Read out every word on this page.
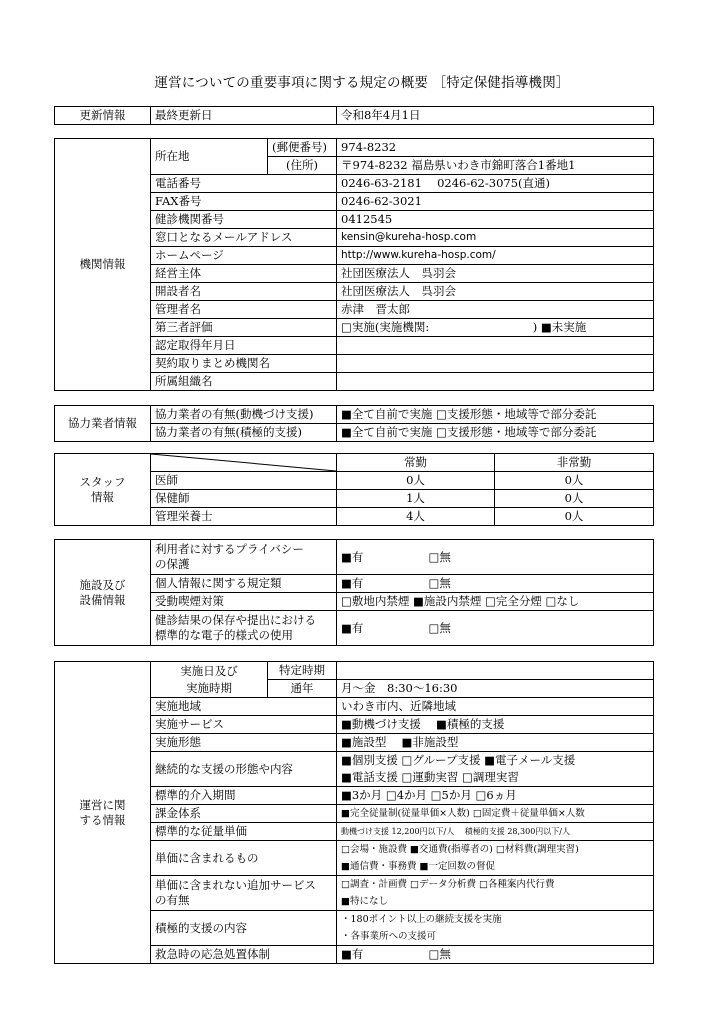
運営についての重要事項に関する規定の概要 ［特定保健指導機関］
更新情報	最終更新日	令和8年4月1日
機関情報	所在地	(郵便番号)	974-8232
		(住所)	〒974-8232 福島県いわき市錦町落合1番地1
	電話番号		0246-63-2181　 0246-62-3075(直通)
	FAX番号		0246-62-3021
	健診機関番号		0412545
	窓口となるメールアドレス		kensin@kureha-hosp.com
	ホームページ		http://www.kureha-hosp.com/
	経営主体		社団医療法人　呉羽会
	開設者名		社団医療法人　呉羽会
	管理者名		赤津　晋太郎
	第三者評価		□実施(実施機関:　　　　　　　　　) ■未実施
	認定取得年月日		
	契約取りまとめ機関名		
	所属組織名		
協力業者情報	協力業者の有無(動機づけ支援)	■全て自前で実施 □支援形態・地域等で部分委託
	協力業者の有無(積極的支援)	■全て自前で実施 □支援形態・地域等で部分委託
スタッフ
情報		常勤	非常勤
	医師	0人	0人
	保健師	1人	0人
	管理栄養士	4人	0人
施設及び
設備情報	利用者に対するプライバシー
の保護	■有	□無
	個人情報に関する規定類	■有	□無
	受動喫煙対策	□敷地内禁煙 ■施設内禁煙 □完全分煙 □なし	
	健診結果の保存や提出における
標準的な電子的様式の使用	■有	□無
運営に関
する情報	実施日及び
実施時期	特定時期		
		通年	月～金　8:30～16:30	
	実施地域		いわき市内、近隣地域	
	実施サービス		■動機づけ支援　 ■積極的支援	
	実施形態		■施設型　 ■非施設型	
	継続的な支援の形態や内容		■個別支援 □グループ支援 ■電子メール支援	
			■電話支援 □運動実習 □調理実習	
	標準的介入期間		■3か月 □4か月 □5か月 □6ヵ月	
	課金体系		■完全従量制(従量単価×人数) □固定費＋従量単価×人数	
	標準的な従量単価		動機づけ支援 12,200円以下/人　 積極的支援 28,300円以下/人	
	単価に含まれるもの		□会場・施設費 ■交通費(指導者の) □材料費(調理実習)	
			■通信費・事務費 ■一定回数の督促	
	単価に含まれない追加サービス
の有無		□調査・計画費 □データ分析費 □各種案内代行費	
			■特になし	
	積極的支援の内容		・180ポイント以上の継続支援を実施	
			・各事業所への支援可	
	救急時の応急処置体制		■有	□無
